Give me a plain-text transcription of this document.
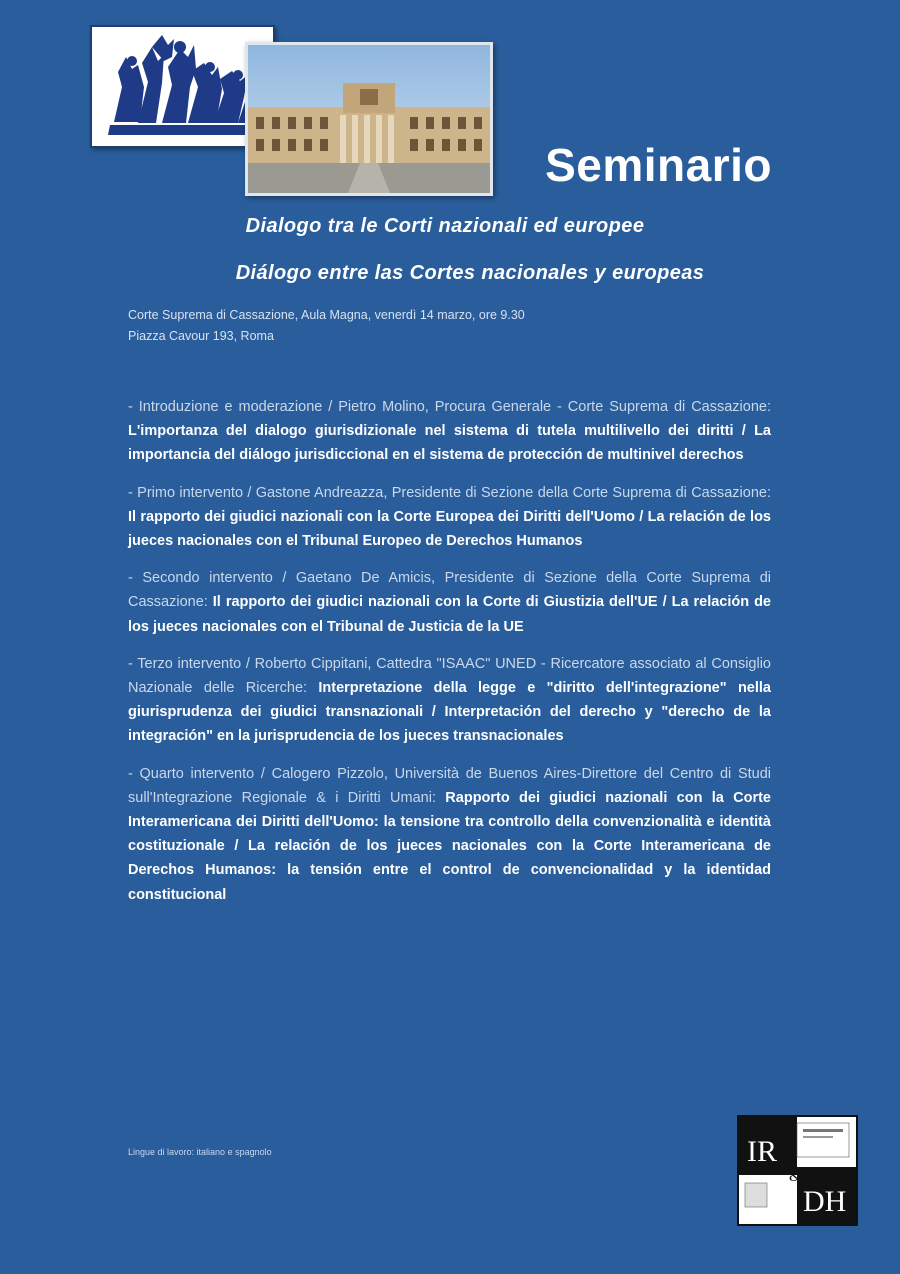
Seminario
Dialogo tra le Corti nazionali ed europee
Diálogo entre las Cortes nacionales y europeas
Corte Suprema di Cassazione, Aula Magna, venerdì 14 marzo, ore 9.30
Piazza Cavour 193, Roma
- Introduzione e moderazione / Pietro Molino, Procura Generale - Corte Suprema di Cassazione: L'importanza del dialogo giurisdizionale nel sistema di tutela multilivello dei diritti / La importancia del diálogo jurisdiccional en el sistema de protección de multinivel derechos
- Primo intervento / Gastone Andreazza, Presidente di Sezione della Corte Suprema di Cassazione: Il rapporto dei giudici nazionali con la Corte Europea dei Diritti dell'Uomo / La relación de los jueces nacionales con el Tribunal Europeo de Derechos Humanos
- Secondo intervento / Gaetano De Amicis, Presidente di Sezione della Corte Suprema di Cassazione: Il rapporto dei giudici nazionali con la Corte di Giustizia dell'UE / La relación de los jueces nacionales con el Tribunal de Justicia de la UE
- Terzo intervento / Roberto Cippitani, Cattedra "ISAAC" UNED - Ricercatore associato al Consiglio Nazionale delle Ricerche: Interpretazione della legge e "diritto dell'integrazione" nella giurisprudenza dei giudici transnazionali / Interpretación del derecho y "derecho de la integración" en la jurisprudencia de los jueces transnacionales
- Quarto intervento / Calogero Pizzolo, Università de Buenos Aires-Direttore del Centro di Studi sull'Integrazione Regionale & i Diritti Umani: Rapporto dei giudici nazionali con la Corte Interamericana dei Diritti dell'Uomo: la tensione tra controllo della convenzionalità e identità costituzionale / La relación de los jueces nacionales con la Corte Interamericana de Derechos Humanos: la tensión entre el control de convencionalidad y la identidad constitucional
Lingue di lavoro: italiano e spagnolo	IR
&
DH
